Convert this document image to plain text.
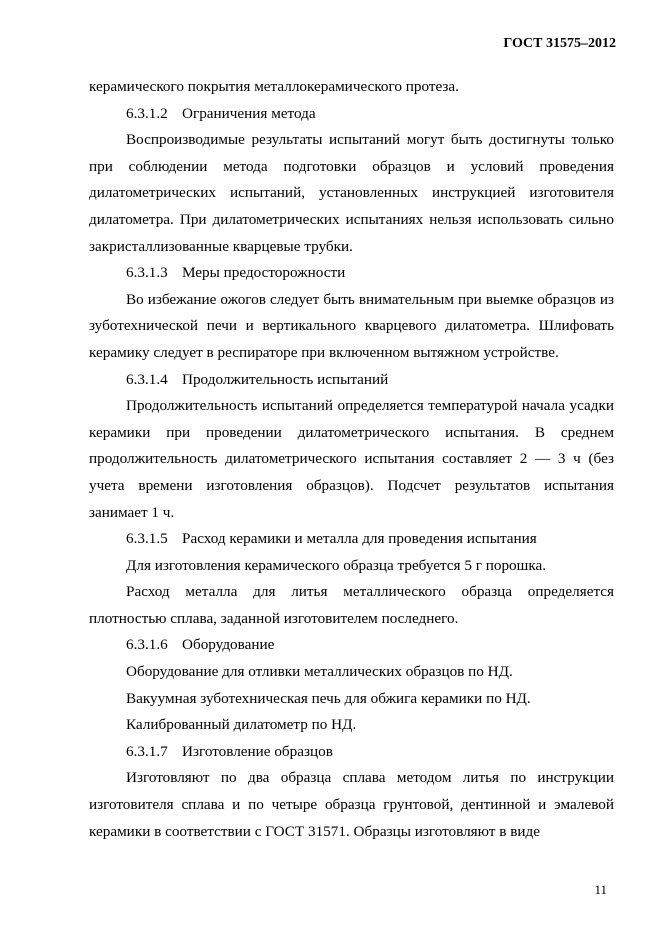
ГОСТ 31575–2012

керамического покрытия металлокерамического протеза.

6.3.1.2 Ограничения метода

Воспроизводимые результаты испытаний могут быть достигнуты только при соблюдении метода подготовки образцов и условий проведения дилатометрических испытаний, установленных инструкцией изготовителя дилатометра. При дилатометрических испытаниях нельзя использовать сильно закристаллизованные кварцевые трубки.

6.3.1.3 Меры предосторожности

Во избежание ожогов следует быть внимательным при выемке образцов из зуботехнической печи и вертикального кварцевого дилатометра. Шлифовать керамику следует в респираторе при включенном вытяжном устройстве.

6.3.1.4 Продолжительность испытаний

Продолжительность испытаний определяется температурой начала усадки керамики при проведении дилатометрического испытания. В среднем продолжительность дилатометрического испытания составляет 2 — 3 ч (без учета времени изготовления образцов). Подсчет результатов испытания занимает 1 ч.

6.3.1.5 Расход керамики и металла для проведения испытания

Для изготовления керамического образца требуется 5 г порошка.

Расход металла для литья металлического образца определяется плотностью сплава, заданной изготовителем последнего.

6.3.1.6 Оборудование

Оборудование для отливки металлических образцов по НД.

Вакуумная зуботехническая печь для обжига керамики по НД.

Калиброванный дилатометр по НД.

6.3.1.7 Изготовление образцов

Изготовляют по два образца сплава методом литья по инструкции изготовителя сплава и по четыре образца грунтовой, дентинной и эмалевой керамики в соответствии с ГОСТ 31571. Образцы изготовляют в виде

11
